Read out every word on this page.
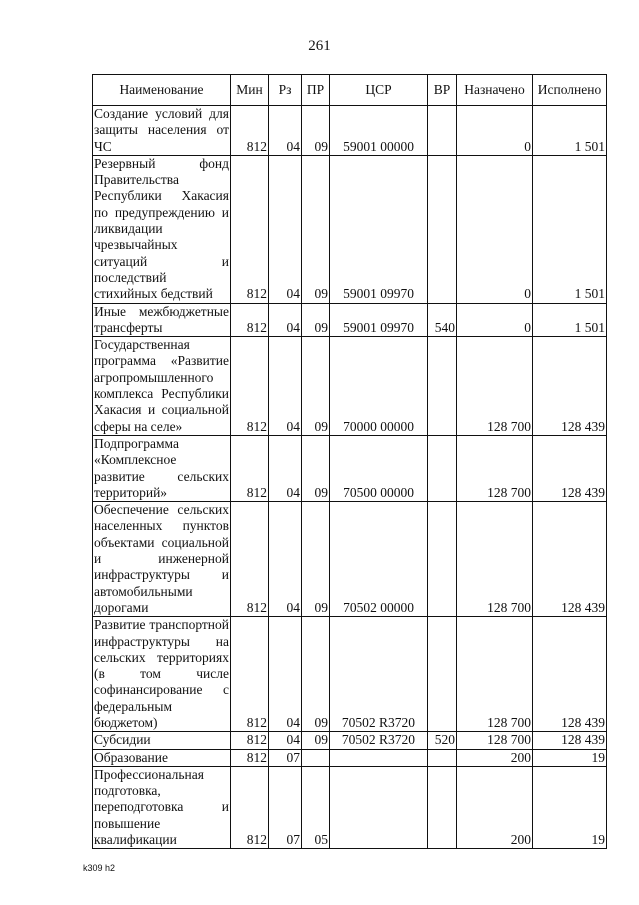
261
Наименование	Мин	Рз	ПР	ЦСР	ВР	Назначено	Исполнено
Создание условий для защиты населения от ЧС	812	04	09	59001 00000		0	1 501
Резервный фонд Правительства Республики Хакасия по предупреждению и ликвидации чрезвычайных ситуаций и последствий стихийных бедствий	812	04	09	59001 09970		0	1 501
Иные межбюджетные трансферты	812	04	09	59001 09970	540	0	1 501
Государственная программа «Развитие агропромышленного комплекса Республики Хакасия и социальной сферы на селе»	812	04	09	70000 00000		128 700	128 439
Подпрограмма «Комплексное развитие сельских территорий»	812	04	09	70500 00000		128 700	128 439
Обеспечение сельских населенных пунктов объектами социальной и инженерной инфраструктуры и автомобильными дорогами	812	04	09	70502 00000		128 700	128 439
Развитие транспортной инфраструктуры на сельских территориях (в том числе софинансирование с федеральным бюджетом)	812	04	09	70502 R3720		128 700	128 439
Субсидии	812	04	09	70502 R3720	520	128 700	128 439
Образование	812	07				200	19
Профессиональная подготовка, переподготовка и повышение квалификации	812	07	05			200	19
k309 h2
